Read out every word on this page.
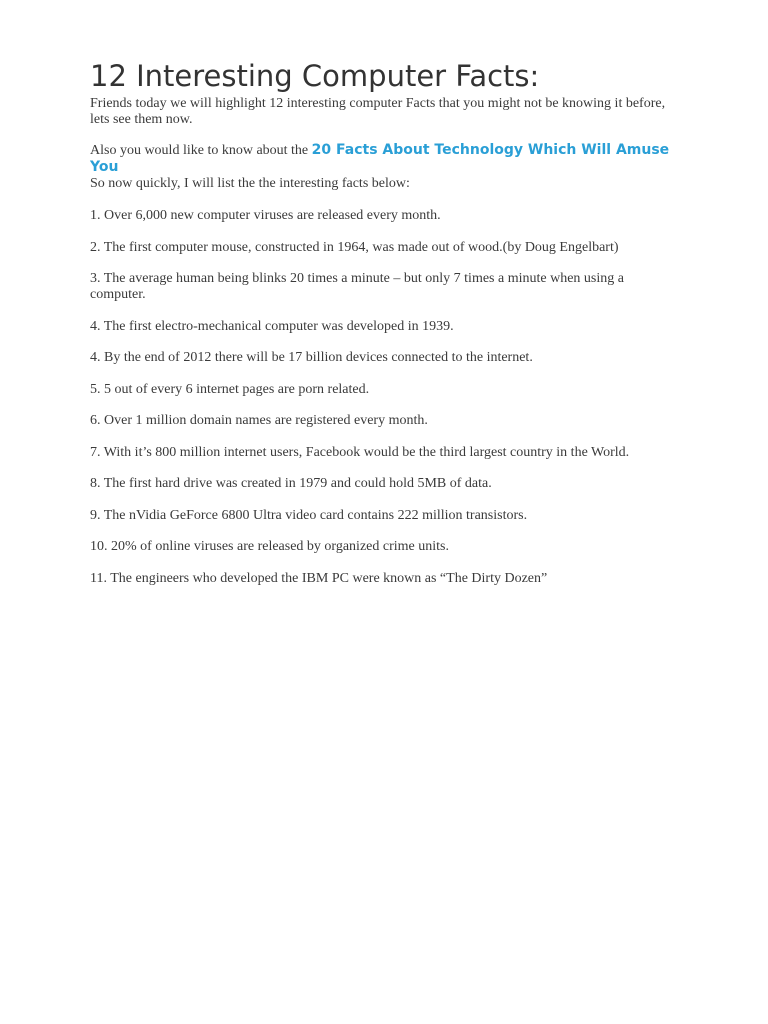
12 Interesting Computer Facts:

Friends today we will highlight 12 interesting computer Facts that you might not be knowing it before,
lets see them now.

Also you would like to know about the 20 Facts About Technology Which Will Amuse You

So now quickly, I will list the the interesting facts below:

1. Over 6,000 new computer viruses are released every month.
2. The first computer mouse, constructed in 1964, was made out of wood.(by Doug Engelbart)
3. The average human being blinks 20 times a minute – but only 7 times a minute when using a computer.
4. The first electro-mechanical computer was developed in 1939.
4. By the end of 2012 there will be 17 billion devices connected to the internet.
5. 5 out of every 6 internet pages are porn related.
6. Over 1 million domain names are registered every month.
7. With it’s 800 million internet users, Facebook would be the third largest country in the World.
8. The first hard drive was created in 1979 and could hold 5MB of data.
9. The nVidia GeForce 6800 Ultra video card contains 222 million transistors.
10. 20% of online viruses are released by organized crime units.
11. The engineers who developed the IBM PC were known as “The Dirty Dozen”
